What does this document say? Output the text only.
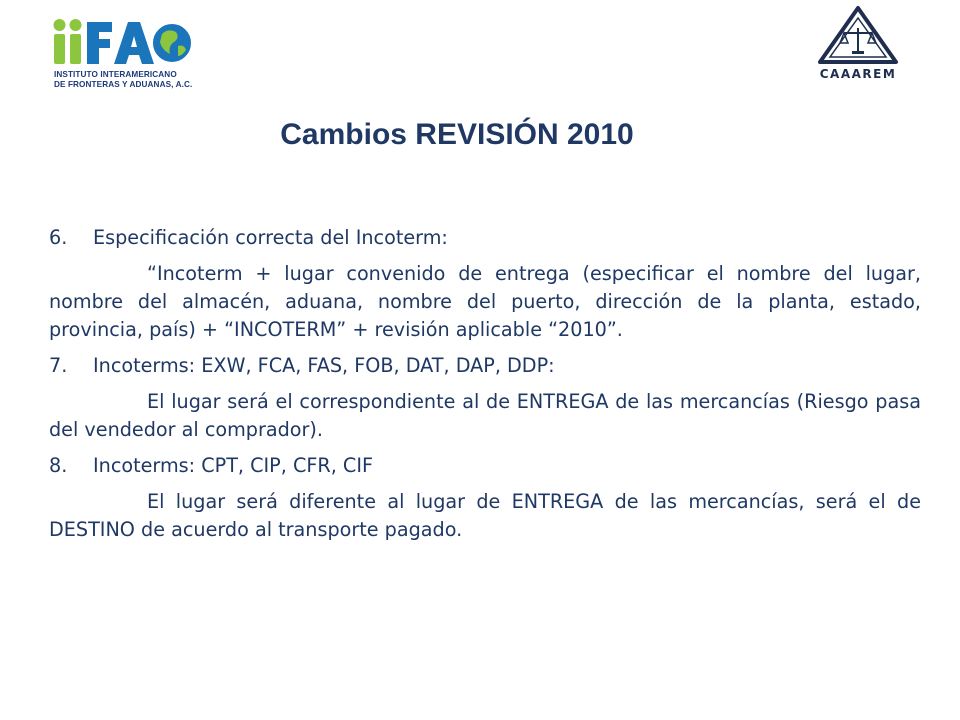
INSTITUTO INTERAMERICANO
DE FRONTERAS Y ADUANAS, A.C.
CAAAREM
Cambios REVISIÓN 2010
6.	Especificación correcta del Incoterm:

“Incoterm + lugar convenido de entrega (especificar el nombre del lugar, nombre del almacén, aduana, nombre del puerto, dirección de la planta, estado, provincia, país) + “INCOTERM” + revisión aplicable “2010”.

7.	Incoterms: EXW, FCA, FAS, FOB, DAT, DAP, DDP:

El lugar será el correspondiente al de ENTREGA de las mercancías (Riesgo pasa del vendedor al comprador).

8.	Incoterms: CPT, CIP, CFR, CIF

El lugar será diferente al lugar de ENTREGA de las mercancías, será el de DESTINO de acuerdo al transporte pagado.
